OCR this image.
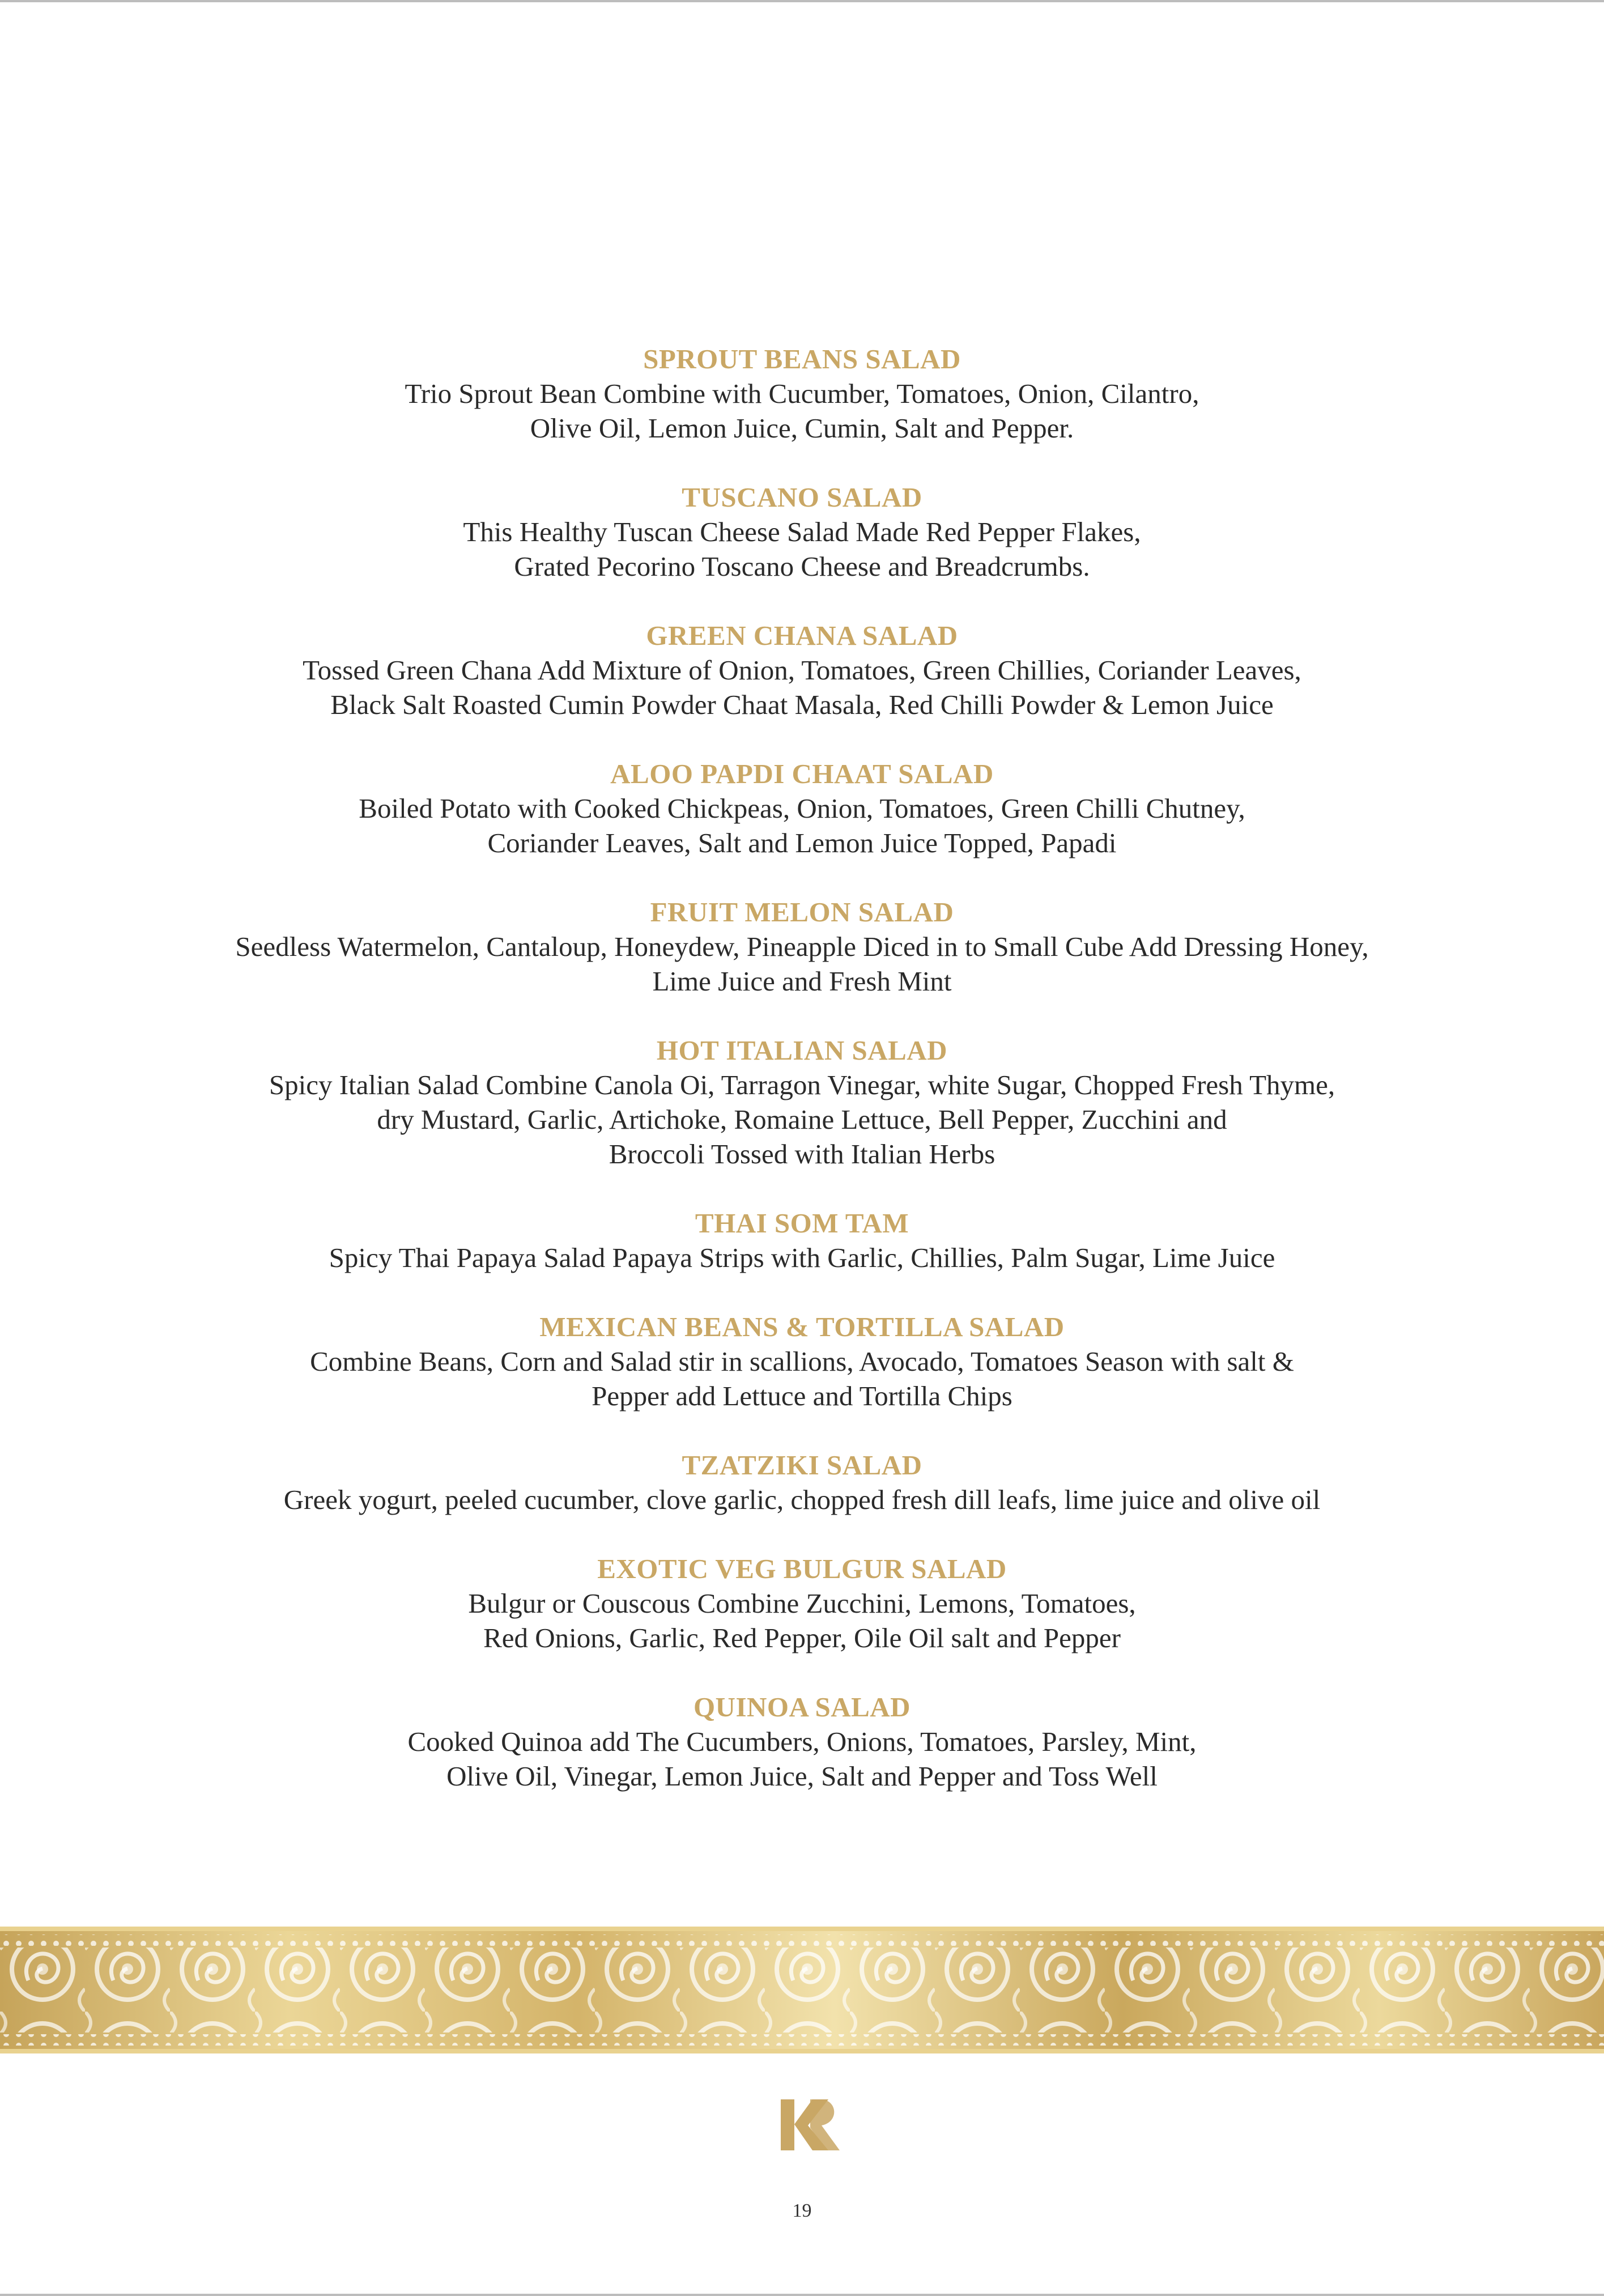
SPROUT BEANS SALAD
Trio Sprout Bean Combine with Cucumber, Tomatoes, Onion, Cilantro,
Olive Oil, Lemon Juice, Cumin, Salt and Pepper.
TUSCANO SALAD
This Healthy Tuscan Cheese Salad Made Red Pepper Flakes,
Grated Pecorino Toscano Cheese and Breadcrumbs.
GREEN CHANA SALAD
Tossed Green Chana Add Mixture of Onion, Tomatoes, Green Chillies, Coriander Leaves,
Black Salt Roasted Cumin Powder Chaat Masala, Red Chilli Powder & Lemon Juice
ALOO PAPDI CHAAT SALAD
Boiled Potato with Cooked Chickpeas, Onion, Tomatoes, Green Chilli Chutney,
Coriander Leaves, Salt and Lemon Juice Topped, Papadi
FRUIT MELON SALAD
Seedless Watermelon, Cantaloup, Honeydew, Pineapple Diced in to Small Cube Add Dressing Honey,
Lime Juice and Fresh Mint
HOT ITALIAN SALAD
Spicy Italian Salad Combine Canola Oi, Tarragon Vinegar, white Sugar, Chopped Fresh Thyme,
dry Mustard, Garlic, Artichoke, Romaine Lettuce, Bell Pepper, Zucchini and
Broccoli Tossed with Italian Herbs
THAI SOM TAM
Spicy Thai Papaya Salad Papaya Strips with Garlic, Chillies, Palm Sugar, Lime Juice
MEXICAN BEANS & TORTILLA SALAD
Combine Beans, Corn and Salad stir in scallions, Avocado, Tomatoes Season with salt &
Pepper add Lettuce and Tortilla Chips
TZATZIKI SALAD
Greek yogurt, peeled cucumber, clove garlic, chopped fresh dill leafs, lime juice and olive oil
EXOTIC VEG BULGUR SALAD
Bulgur or Couscous Combine Zucchini, Lemons, Tomatoes,
Red Onions, Garlic, Red Pepper, Oile Oil salt and Pepper
QUINOA SALAD
Cooked Quinoa add The Cucumbers, Onions, Tomatoes, Parsley, Mint,
Olive Oil, Vinegar, Lemon Juice, Salt and Pepper and Toss Well
KR
19
